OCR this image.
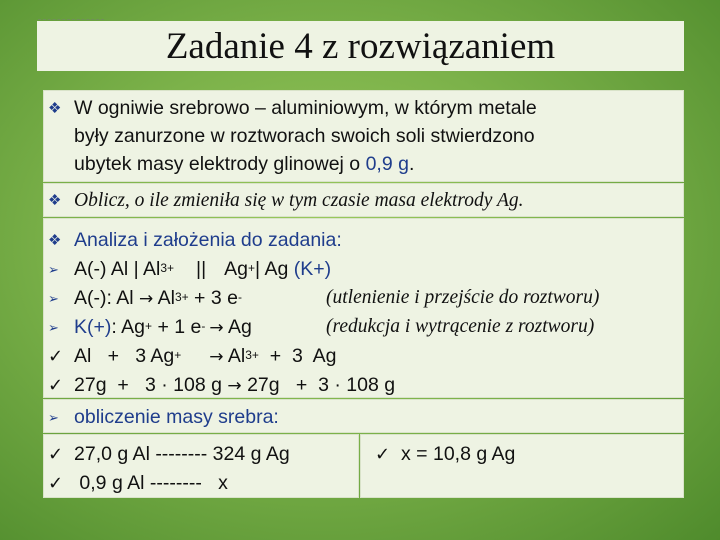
Zadanie 4 z rozwiązaniem
❖ W ogniwie srebrowo – aluminiowym, w którym metale
były zanurzone w roztworach swoich soli stwierdzono
ubytek masy elektrody glinowej o 0,9 g.
❖ Oblicz, o ile zmieniła się w tym czasie masa elektrody Ag.
❖ Analiza i założenia do zadania:
➢ A(-) Al | $Al^{3+}$ || Ag+| Ag (K+)
➢ A(-): $Al \to Al^{3+} + 3$ e-	(utlenienie i przejście do roztworu)
➢ K(+): Ag+ + 1 e- → Ag	(redukcja i wytrącenie z roztworu)
✓ Al   +   3 $Ag^+ \to Al^{3+} + 3$  Ag
✓ 27g  +   3 · 108 g → 27g   +  3 · 108 g
➢ obliczenie masy srebra:
✓ 27,0 g Al -------- 324 g Ag
✓ 0,9 g Al --------   x
✓ x = 10,8 g Ag
